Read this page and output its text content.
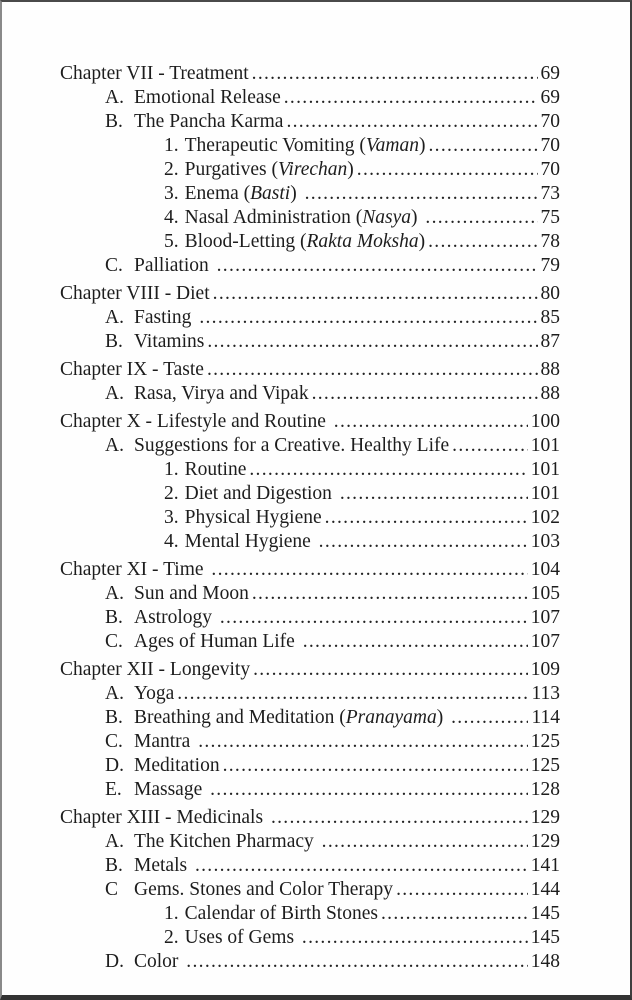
Chapter VII - Treatment .....	69
A. Emotional Release .....	69
B. The Pancha Karma .....	70
1. Therapeutic Vomiting (Vaman) .....	70
2. Purgatives (Virechan) .....	70
3. Enema (Basti) .....	73
4. Nasal Administration (Nasya) .....	75
5. Blood-Letting (Rakta Moksha) .....	78
C. Palliation .....	79
Chapter VIII - Diet .....	80
A. Fasting .....	85
B. Vitamins .....	87
Chapter IX - Taste .....	88
A. Rasa, Virya and Vipak .....	88
Chapter X - Lifestyle and Routine .....	100
A. Suggestions for a Creative. Healthy Life .....	101
1. Routine .....	101
2. Diet and Digestion .....	101
3. Physical Hygiene .....	102
4. Mental Hygiene .....	103
Chapter XI - Time .....	104
A. Sun and Moon .....	105
B. Astrology .....	107
C. Ages of Human Life .....	107
Chapter XII - Longevity .....	109
A. Yoga .....	113
B. Breathing and Meditation (Pranayama) .....	114
C. Mantra .....	125
D. Meditation .....	125
E. Massage .....	128
Chapter XIII - Medicinals .....	129
A. The Kitchen Pharmacy .....	129
B. Metals .....	141
C Gems. Stones and Color Therapy .....	144
1. Calendar of Birth Stones .....	145
2. Uses of Gems .....	145
D. Color .....	148
